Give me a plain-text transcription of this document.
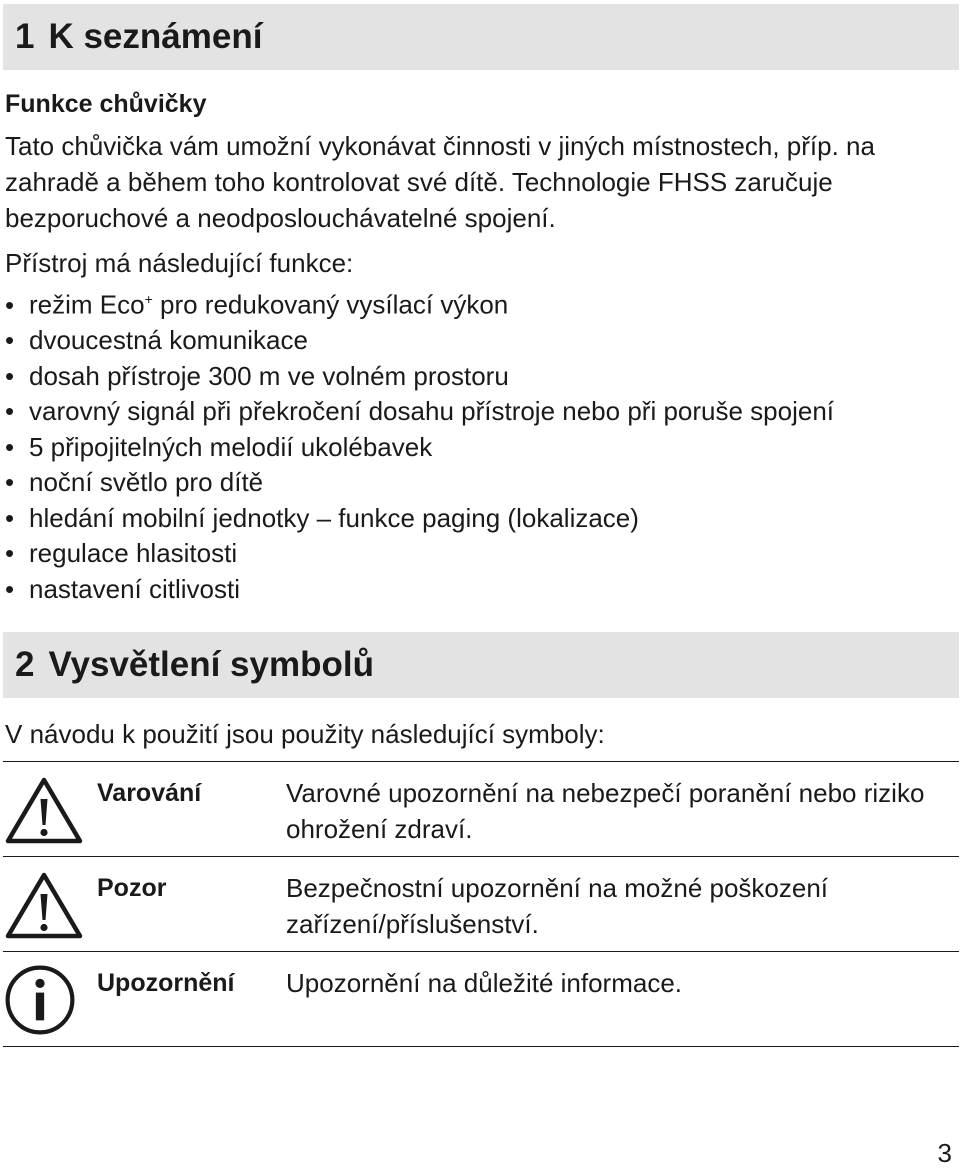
1 K seznámení
Funkce chůvičky
Tato chůvička vám umožní vykonávat činnosti v jiných místnostech, příp. na zahradě a během toho kontrolovat své dítě. Technologie FHSS zaručuje bezporuchové a neodposlouchávatelné spojení.
Přístroj má následující funkce:
• režim Eco+ pro redukovaný vysílací výkon
• dvoucestná komunikace
• dosah přístroje 300 m ve volném prostoru
• varovný signál při překročení dosahu přístroje nebo při poruše spojení
• 5 připojitelných melodií ukolébavek
• noční světlo pro dítě
• hledání mobilní jednotky – funkce paging (lokalizace)
• regulace hlasitosti
• nastavení citlivosti
2 Vysvětlení symbolů
V návodu k použití jsou použity následující symboly:
Varování	Varovné upozornění na nebezpečí poranění nebo riziko ohrožení zdraví.
Pozor	Bezpečnostní upozornění na možné poškození zařízení/příslušenství.
Upozornění Upozornění na důležité informace.
3
